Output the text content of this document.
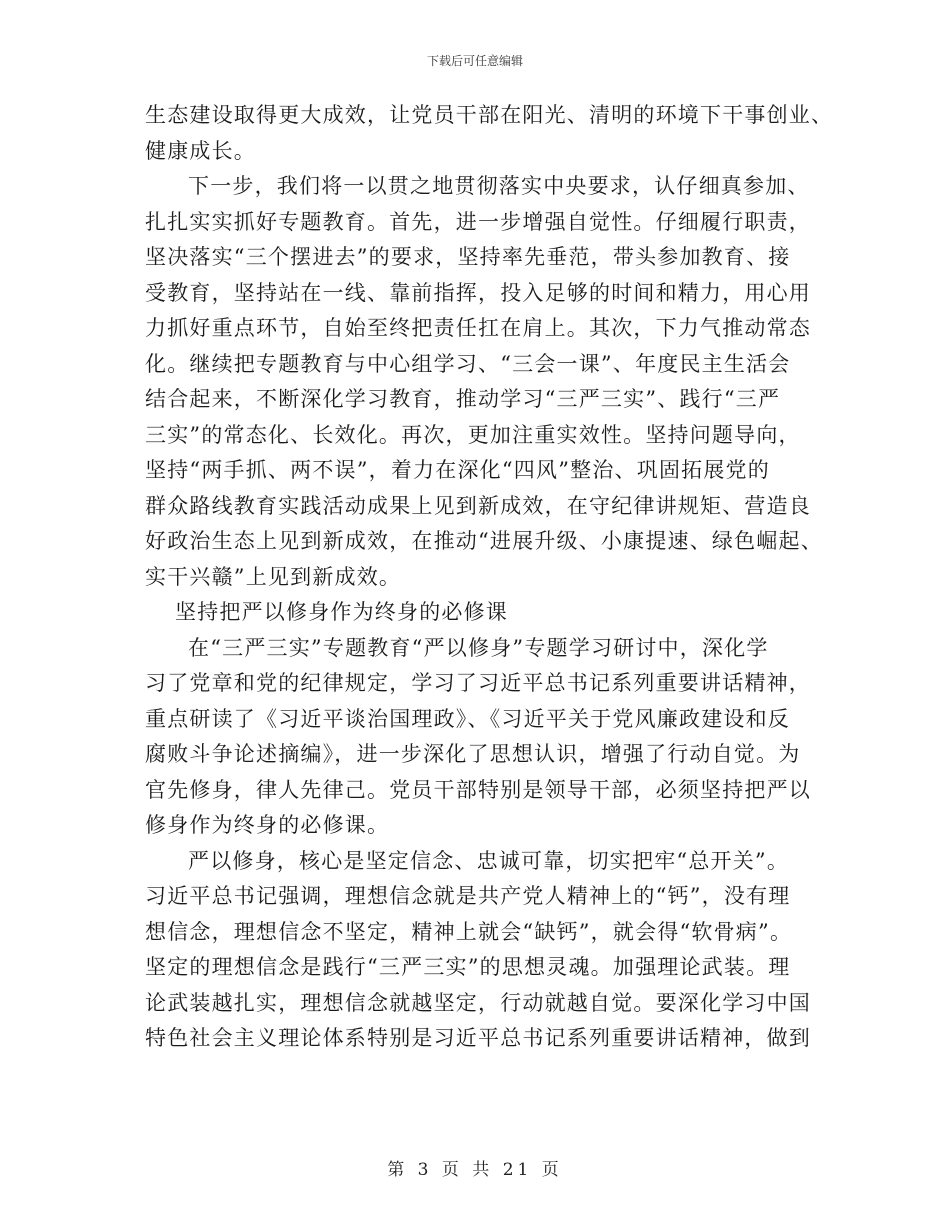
下载后可任意编辑
生态建设取得更大成效，让党员干部在阳光、清明的环境下干事创业、
健康成长。
下一步，我们将一以贯之地贯彻落实中央要求，认仔细真参加、
扎扎实实抓好专题教育。首先，进一步增强自觉性。仔细履行职责，
坚决落实“三个摆进去”的要求，坚持率先垂范，带头参加教育、接
受教育，坚持站在一线、靠前指挥，投入足够的时间和精力，用心用
力抓好重点环节，自始至终把责任扛在肩上。其次，下力气推动常态
化。继续把专题教育与中心组学习、“三会一课”、年度民主生活会
结合起来，不断深化学习教育，推动学习“三严三实”、践行“三严
三实”的常态化、长效化。再次，更加注重实效性。坚持问题导向，
坚持“两手抓、两不误”，着力在深化“四风”整治、巩固拓展党的
群众路线教育实践活动成果上见到新成效，在守纪律讲规矩、营造良
好政治生态上见到新成效，在推动“进展升级、小康提速、绿色崛起、
实干兴赣”上见到新成效。
坚持把严以修身作为终身的必修课
在“三严三实”专题教育“严以修身”专题学习研讨中，深化学
习了党章和党的纪律规定，学习了习近平总书记系列重要讲话精神，
重点研读了《习近平谈治国理政》、《习近平关于党风廉政建设和反
腐败斗争论述摘编》，进一步深化了思想认识，增强了行动自觉。为
官先修身，律人先律己。党员干部特别是领导干部，必须坚持把严以
修身作为终身的必修课。
严以修身，核心是坚定信念、忠诚可靠，切实把牢“总开关”。
习近平总书记强调，理想信念就是共产党人精神上的“钙”，没有理
想信念，理想信念不坚定，精神上就会“缺钙”，就会得“软骨病”。
坚定的理想信念是践行“三严三实”的思想灵魂。加强理论武装。理
论武装越扎实，理想信念就越坚定，行动就越自觉。要深化学习中国
特色社会主义理论体系特别是习近平总书记系列重要讲话精神，做到
第 3 页 共 21 页
